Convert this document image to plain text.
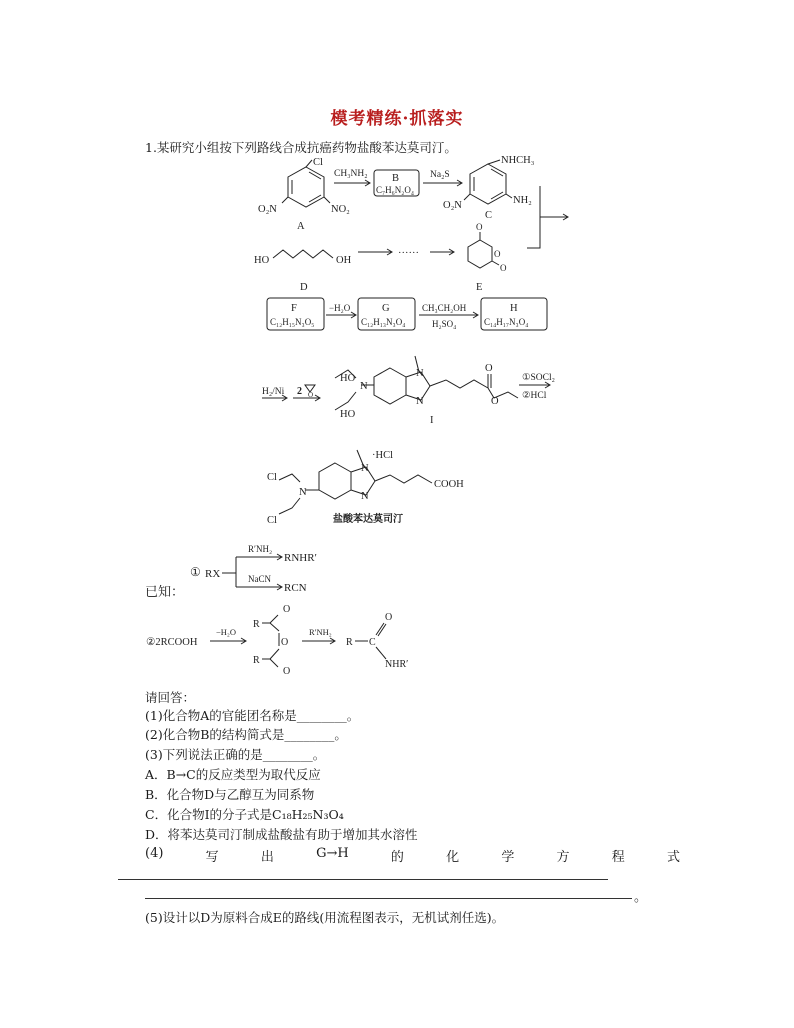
模考精练·抓落实
1.某研究小组按下列路线合成抗癌药物盐酸苯达莫司汀。
Cl
NO₂
O₂N
A
CH₃NH₂ B
C₇H₆N₂O₄
Na₂S
NHCH₃
NH₂
O₂N
C
HO	OH
······
D	E
O
O
O
F
C₁₂H₁₅N₃O₅
−H₂O	G
C₁₂H₁₃N₃O₄
CH₃CH₂OH
H₂SO₄
H
C₁₄H₁₇N₃O₄
H₂/Ni 2 O
HO
HO
N
N
N
O
O
I
①SOCl₂
②HCl
·HCl
Cl
Cl
N
N
N
COOH
盐酸苯达莫司汀
已知：
① RX
R′NH₂
RNHR′
NaCN
RCN
②2RCOOH
−H₂O	R′NH₂
R
R
O
O
O
R C
O
NHR′
请回答：
(1)化合物A的官能团名称是________。
(2)化合物B的结构简式是________。
(3)下列说法正确的是________。
A．B→C的反应类型为取代反应
B．化合物D与乙醇互为同系物
C．化合物I的分子式是C₁₈H₂₅N₃O₄
D．将苯达莫司汀制成盐酸盐有助于增加其水溶性
(4)	写	出	G→H	的	化	学	方	程	式
。
(5)设计以D为原料合成E的路线(用流程图表示，无机试剂任选)。
